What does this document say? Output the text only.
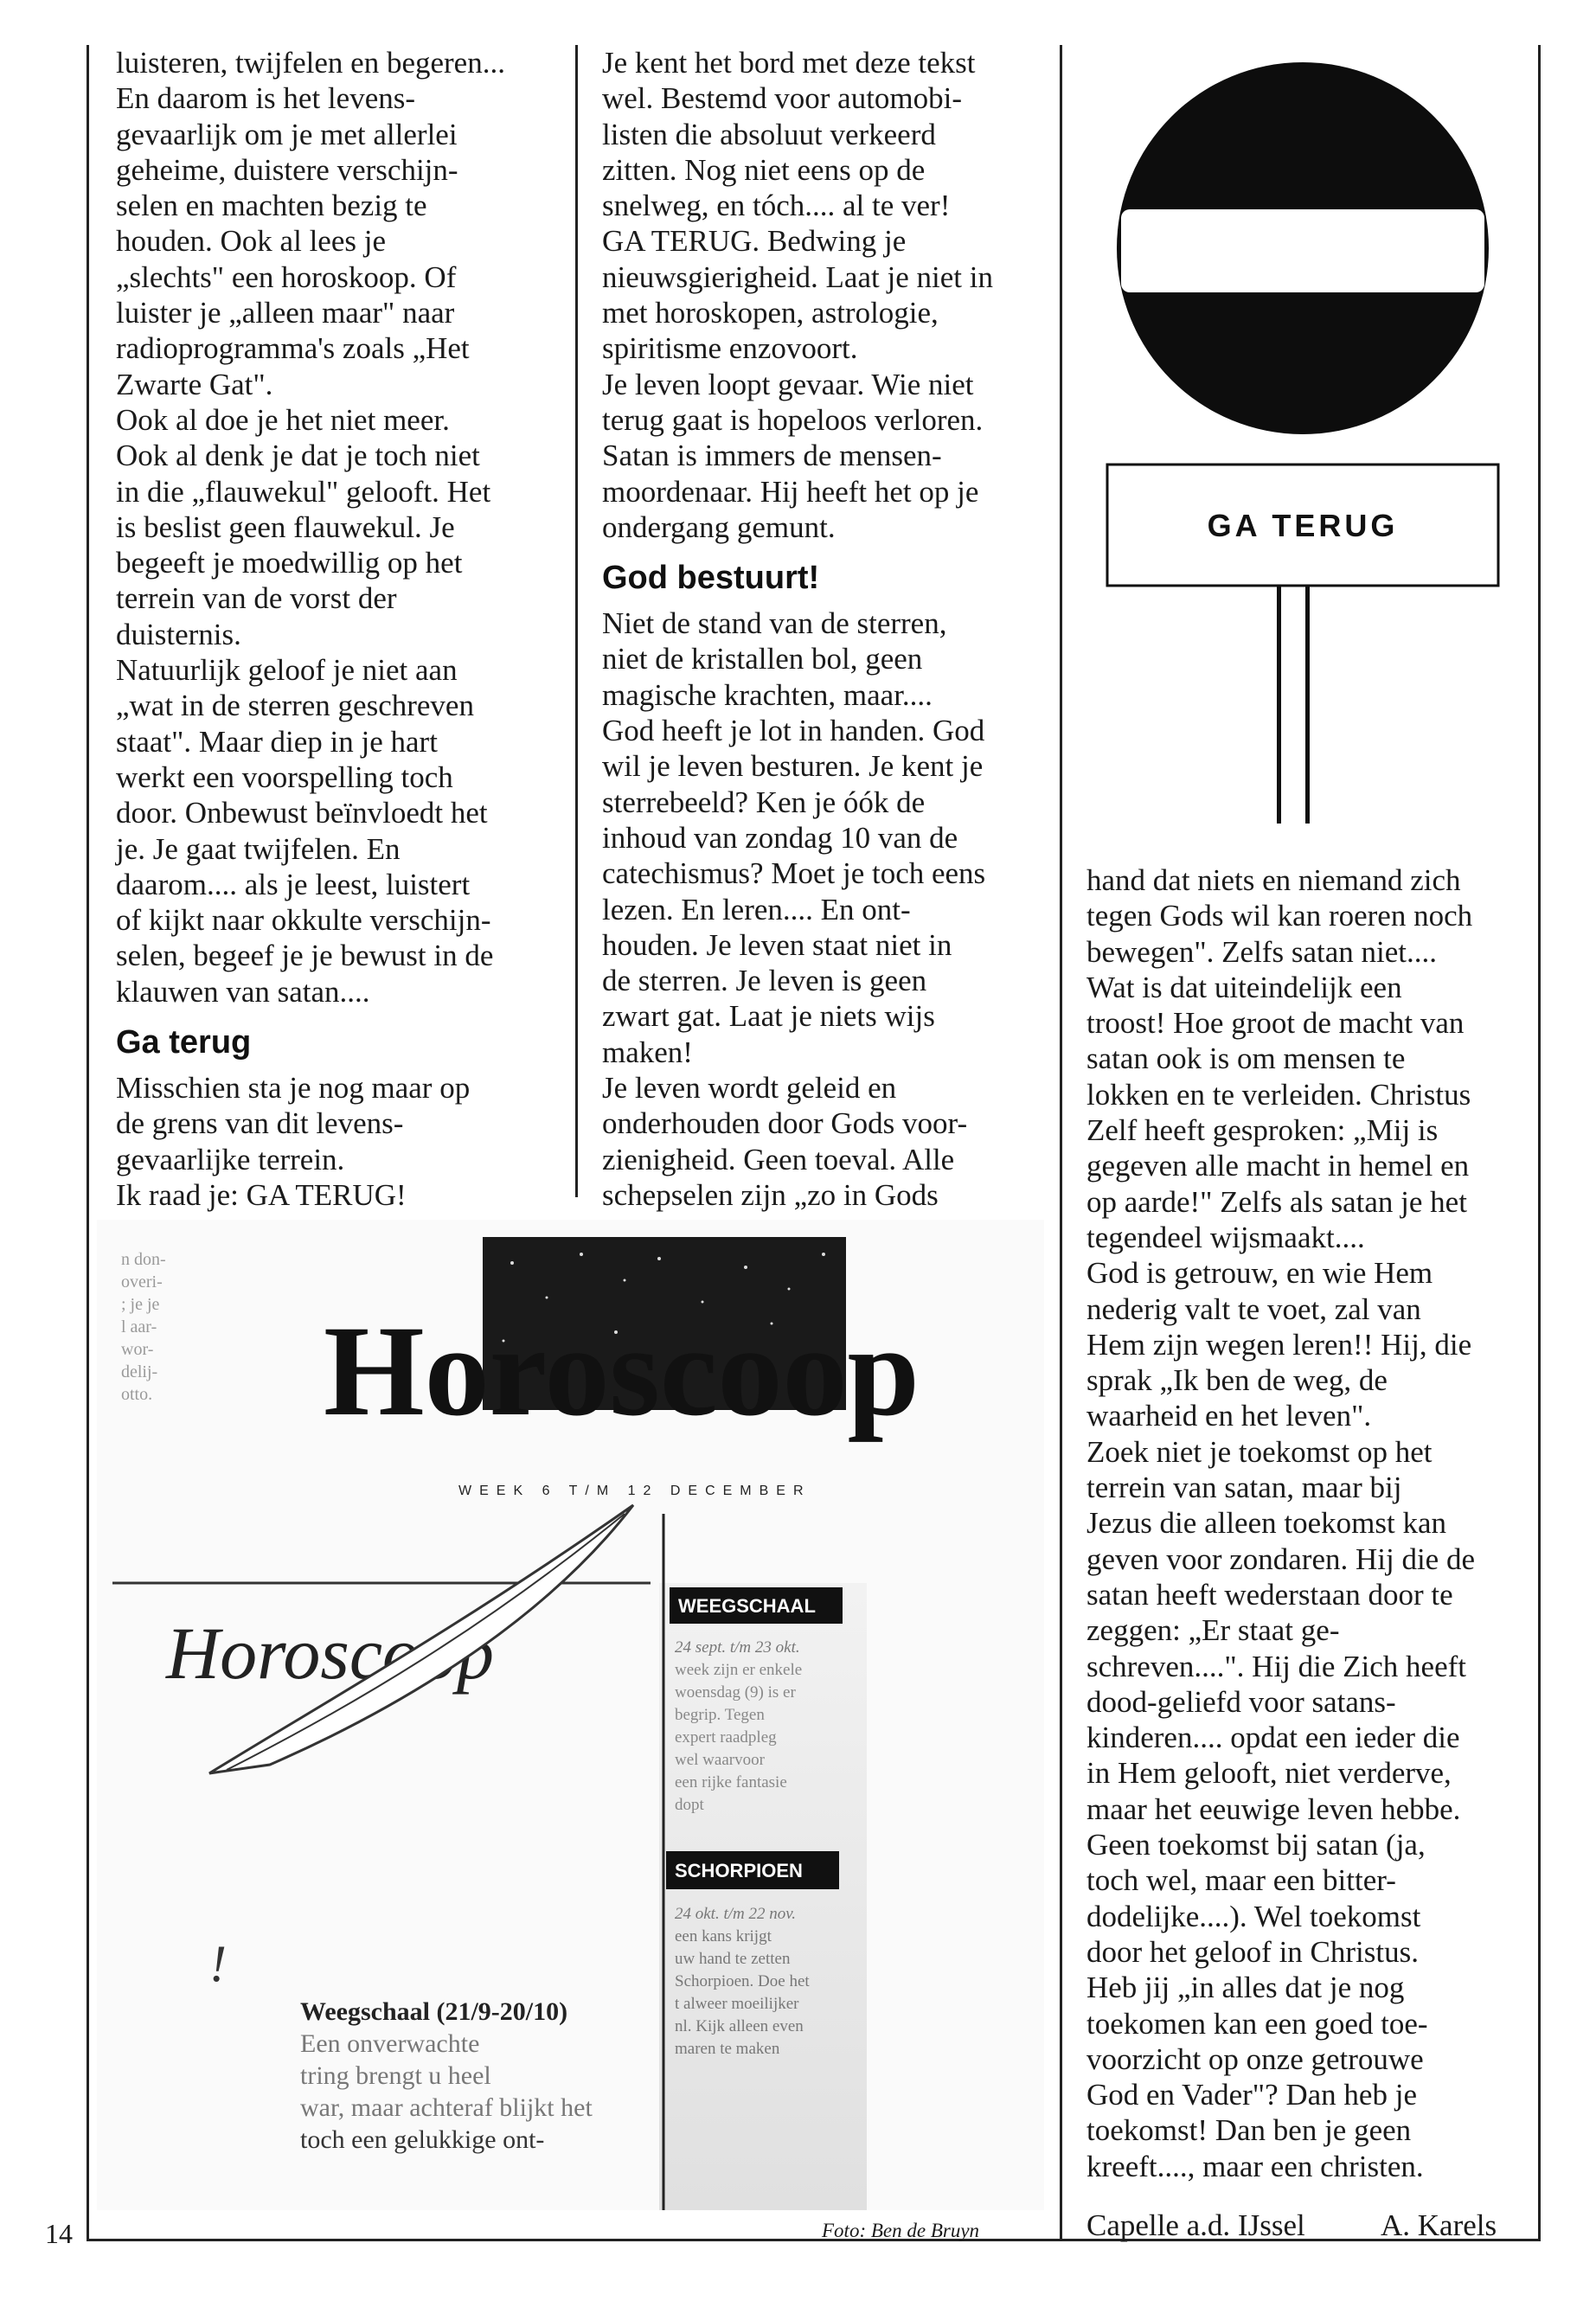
luisteren, twijfelen en begeren...

En daarom is het levens-

gevaarlijk om je met allerlei

geheime, duistere verschijn-

selen en machten bezig te

houden. Ook al lees je

„slechts" een horoskoop. Of

luister je „alleen maar" naar

radioprogramma's zoals „Het

Zwarte Gat".

Ook al doe je het niet meer.

Ook al denk je dat je toch niet

in die „flauwekul" gelooft. Het

is beslist geen flauwekul. Je

begeeft je moedwillig op het

terrein van de vorst der

duisternis.

Natuurlijk geloof je niet aan

„wat in de sterren geschreven

staat". Maar diep in je hart

werkt een voorspelling toch

door. Onbewust beïnvloedt het

je. Je gaat twijfelen. En

daarom.... als je leest, luistert

of kijkt naar okkulte verschijn-

selen, begeef je je bewust in de

klauwen van satan....

Ga terug

Misschien sta je nog maar op

de grens van dit levens-

gevaarlijke terrein.

Ik raad je: GA TERUG!

Je kent het bord met deze tekst

wel. Bestemd voor automobi-

listen die absoluut verkeerd

zitten. Nog niet eens op de

snelweg, en tóch.... al te ver!

GA TERUG. Bedwing je

nieuwsgierigheid. Laat je niet in

met horoskopen, astrologie,

spiritisme enzovoort.

Je leven loopt gevaar. Wie niet

terug gaat is hopeloos verloren.

Satan is immers de mensen-

moordenaar. Hij heeft het op je

ondergang gemunt.

God bestuurt!

Niet de stand van de sterren,

niet de kristallen bol, geen

magische krachten, maar....

God heeft je lot in handen. God

wil je leven besturen. Je kent je

sterrebeeld? Ken je óók de

inhoud van zondag 10 van de

catechismus? Moet je toch eens

lezen. En leren.... En ont-

houden. Je leven staat niet in

de sterren. Je leven is geen

zwart gat. Laat je niets wijs

maken!

Je leven wordt geleid en

onderhouden door Gods voor-

zienigheid. Geen toeval. Alle

schepselen zijn „zo in Gods

hand dat niets en niemand zich

tegen Gods wil kan roeren noch

bewegen". Zelfs satan niet....

Wat is dat uiteindelijk een

troost! Hoe groot de macht van

satan ook is om mensen te

lokken en te verleiden. Christus

Zelf heeft gesproken: „Mij is

gegeven alle macht in hemel en

op aarde!" Zelfs als satan je het

tegendeel wijsmaakt....

God is getrouw, en wie Hem

nederig valt te voet, zal van

Hem zijn wegen leren!! Hij, die

sprak „Ik ben de weg, de

waarheid en het leven".

Zoek niet je toekomst op het

terrein van satan, maar bij

Jezus die alleen toekomst kan

geven voor zondaren. Hij die de

satan heeft wederstaan door te

zeggen: „Er staat ge-

schreven....". Hij die Zich heeft

dood-geliefd voor satans-

kinderen.... opdat een ieder die

in Hem gelooft, niet verderve,

maar het eeuwige leven hebbe.

Geen toekomst bij satan (ja,

toch wel, maar een bitter-

dodelijke....). Wel toekomst

door het geloof in Christus.

Heb jij „in alles dat je nog

toekomen kan een goed toe-

voorzicht op onze getrouwe

God en Vader"? Dan heb je

toekomst! Dan ben je geen

kreeft...., maar een christen.

GA TERUG
n don-
overi-
; je je
l aar-
wor-
delij-
otto. Horoscoop
WEEK 6 T/M 12 DECEMBER
Horoscoop
WEEGSCHAAL
24 sept. t/m 23 okt.
week zijn er enkele
woensdag (9) is er
begrip. Tegen
expert raadpleg
wel waarvoor
een rijke fantasie
dopt
SCHORPIOEN
24 okt. t/m 22 nov.
een kans krijgt
uw hand te zetten
Schorpioen. Doe het
t alweer moeilijker
nl. Kijk alleen even
maren te maken
!
Weegschaal (21/9-20/10)
Een onverwachte
tring brengt u heel
war, maar achteraf blijkt het
toch een gelukkige ont-
Foto: Ben de Bruyn
14	Capelle a.d. IJssel A. Karels
